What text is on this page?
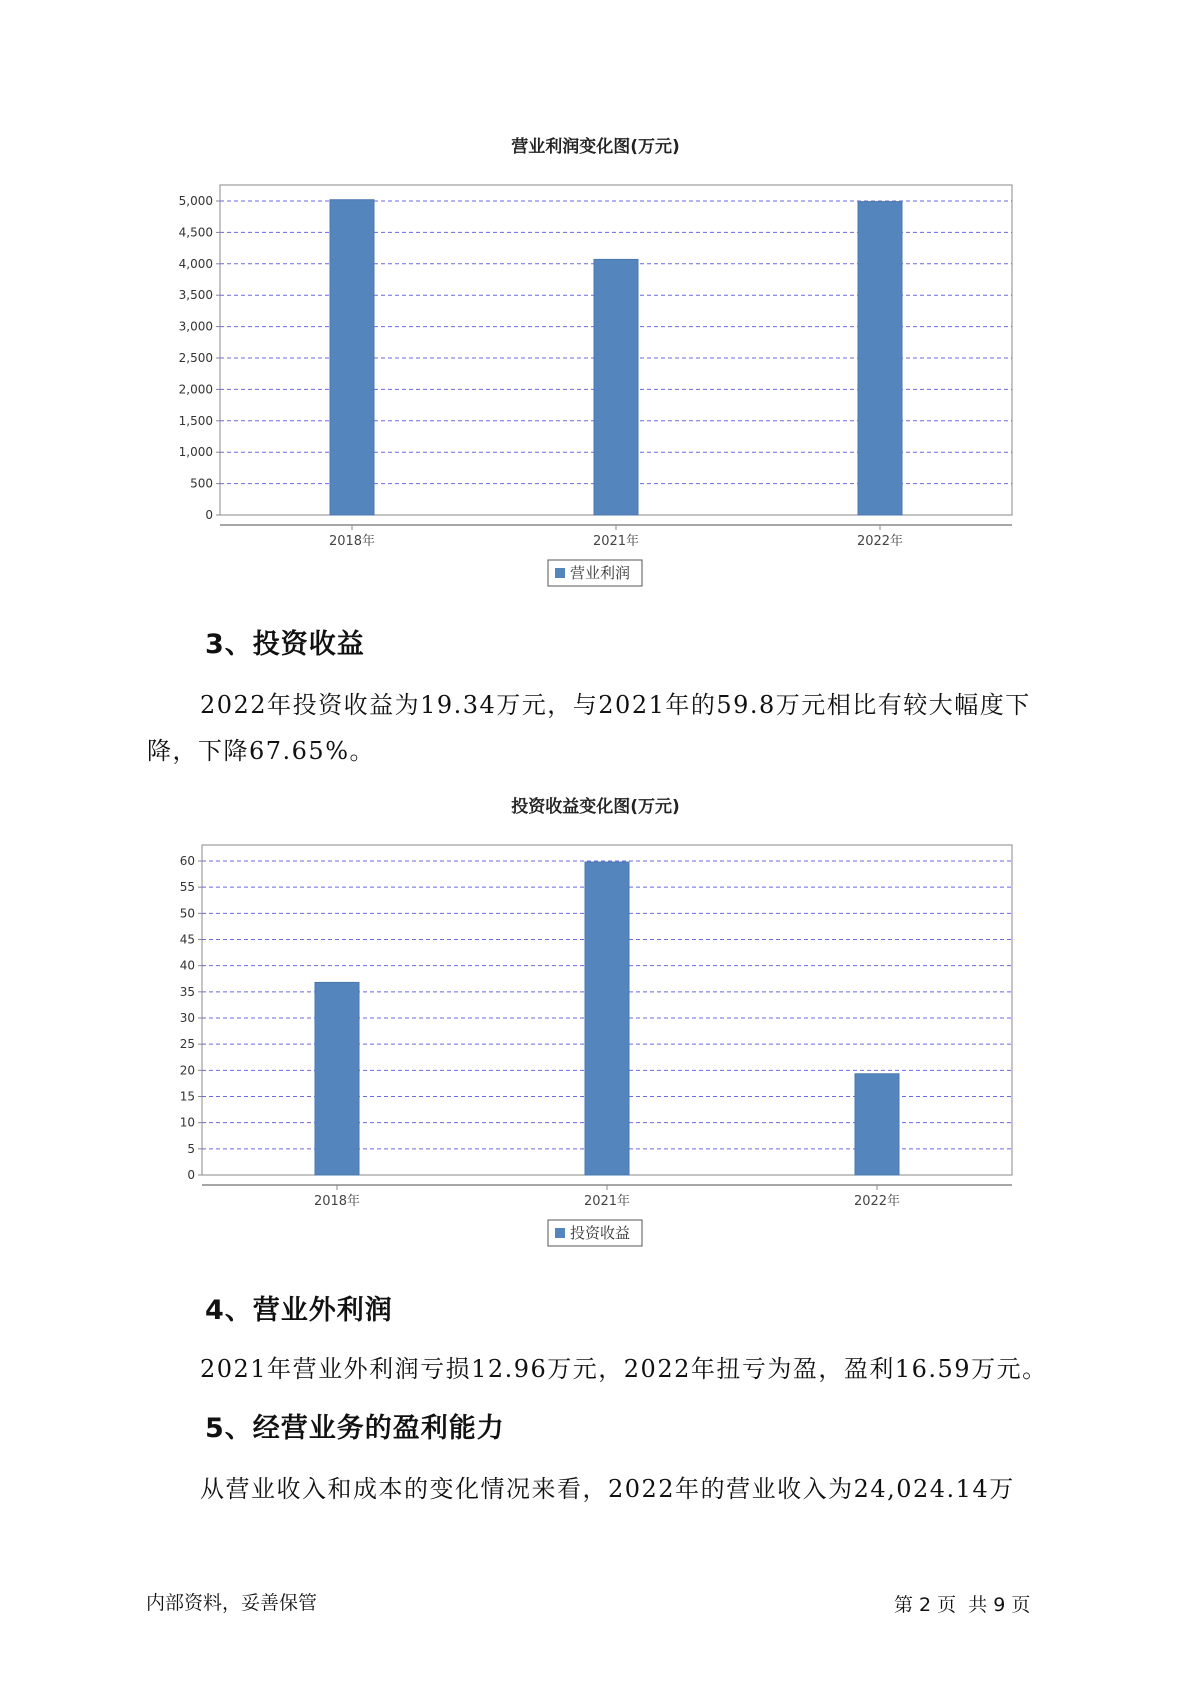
营业利润变化图(万元)
0
500
1,000
1,500
2,000
2,500
3,000
3,500
4,000
4,500
5,000
2018年	2021年	2022年
营业利润
3、投资收益
2022年投资收益为19.34万元，与2021年的59.8万元相比有较大幅度下
降，下降67.65%。
投资收益变化图(万元)
0
5
10
15
20
25
30
35
40
45
50
55
60
2018年	2021年	2022年
投资收益
4、营业外利润
2021年营业外利润亏损12.96万元，2022年扭亏为盈，盈利16.59万元。
5、经营业务的盈利能力
从营业收入和成本的变化情况来看，2022年的营业收入为24,024.14万
内部资料，妥善保管	第 2 页  共 9 页
